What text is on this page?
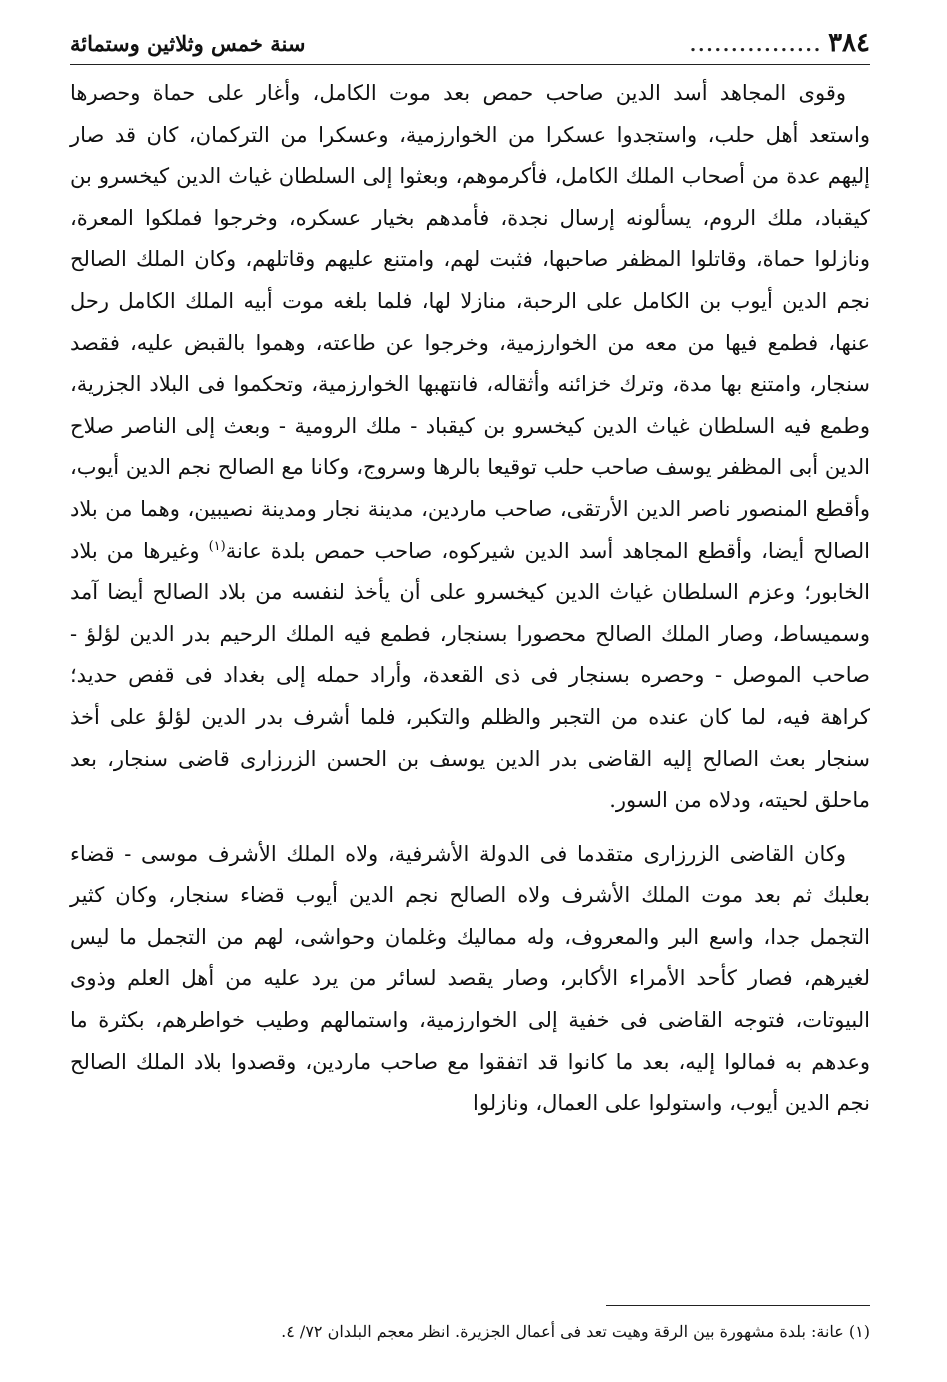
٣٨٤
................
سنة خمس وثلاثين وستمائة

وقوى المجاهد أسد الدين صاحب حمص بعد موت الكامل، وأغار على حماة وحصرها واستعد أهل حلب، واستجدوا عسكرا من الخوارزمية، وعسكرا من التركمان، كان قد صار إليهم عدة من أصحاب الملك الكامل، فأكرموهم، وبعثوا إلى السلطان غياث الدين كيخسرو بن كيقباد، ملك الروم، يسألونه إرسال نجدة، فأمدهم بخيار عسكره، وخرجوا فملكوا المعرة، ونازلوا حماة، وقاتلوا المظفر صاحبها، فثبت لهم، وامتنع عليهم وقاتلهم، وكان الملك الصالح نجم الدين أيوب بن الكامل على الرحبة، منازلا لها، فلما بلغه موت أبيه الملك الكامل رحل عنها، فطمع فيها من معه من الخوارزمية، وخرجوا عن طاعته، وهموا بالقبض عليه، فقصد سنجار، وامتنع بها مدة، وترك خزائنه وأثقاله، فانتهبها الخوارزمية، وتحكموا فى البلاد الجزرية، وطمع فيه السلطان غياث الدين كيخسرو بن كيقباد - ملك الرومية - وبعث إلى الناصر صلاح الدين أبى المظفر يوسف صاحب حلب توقيعا بالرها وسروج، وكانا مع الصالح نجم الدين أيوب، وأقطع المنصور ناصر الدين الأرتقى، صاحب ماردين، مدينة نجار ومدينة نصيبين، وهما من بلاد الصالح أيضا، وأقطع المجاهد أسد الدين شيركوه، صاحب حمص بلدة عانة$^{(١)}$ وغيرها من بلاد الخابور؛ وعزم السلطان غياث الدين كيخسرو على أن يأخذ لنفسه من بلاد الصالح أيضا آمد وسميساط، وصار الملك الصالح محصورا بسنجار، فطمع فيه الملك الرحيم بدر الدين لؤلؤ - صاحب الموصل - وحصره بسنجار فى ذى القعدة، وأراد حمله إلى بغداد فى قفص حديد؛ كراهة فيه، لما كان عنده من التجبر والظلم والتكبر، فلما أشرف بدر الدين لؤلؤ على أخذ سنجار بعث الصالح إليه القاضى بدر الدين يوسف بن الحسن الزرزارى قاضى سنجار، بعد ماحلق لحيته، ودلاه من السور.

وكان القاضى الزرزارى متقدما فى الدولة الأشرفية، ولاه الملك الأشرف موسى - قضاء بعلبك ثم بعد موت الملك الأشرف ولاه الصالح نجم الدين أيوب قضاء سنجار، وكان كثير التجمل جدا، واسع البر والمعروف، وله مماليك وغلمان وحواشى، لهم من التجمل ما ليس لغيرهم، فصار كأحد الأمراء الأكابر، وصار يقصد لسائر من يرد عليه من أهل العلم وذوى البيوتات، فتوجه القاضى فى خفية إلى الخوارزمية، واستمالهم وطيب خواطرهم، بكثرة ما وعدهم به فمالوا إليه، بعد ما كانوا قد اتفقوا مع صاحب ماردين، وقصدوا بلاد الملك الصالح نجم الدين أيوب، واستولوا على العمال، ونازلوا

(١) عانة: بلدة مشهورة بين الرقة وهيت تعد فى أعمال الجزيرة. انظر معجم البلدان ٧٢/ ٤.
